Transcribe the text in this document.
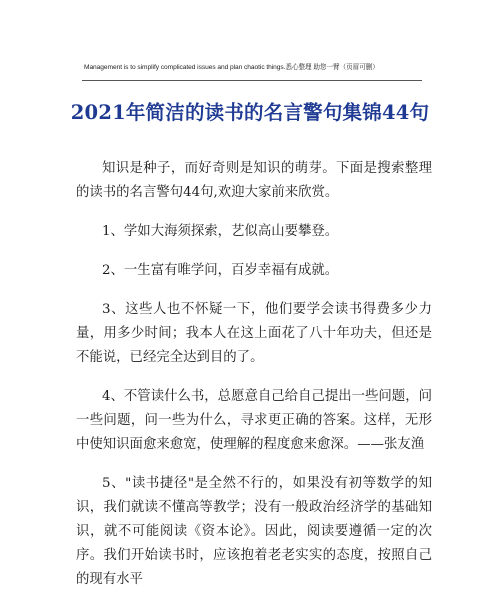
Management is to simplify complicated issues and plan chaotic things.悉心整理 助您一臂（页眉可删）
2021年简洁的读书的名言警句集锦44句

知识是种子，而好奇则是知识的萌芽。下面是搜索整理的读书的名言警句44句,欢迎大家前来欣赏。

1、学如大海须探索，艺似高山要攀登。

2、一生富有唯学问，百岁幸福有成就。

3、这些人也不怀疑一下，他们要学会读书得费多少力量，用多少时间；我本人在这上面花了八十年功夫，但还是不能说，已经完全达到目的了。

4、不管读什么书，总愿意自己给自己提出一些问题，问一些问题，问一些为什么，寻求更正确的答案。这样，无形中使知识面愈来愈宽，使理解的程度愈来愈深。——张友渔

5、"读书捷径"是全然不行的，如果没有初等数学的知识，我们就读不懂高等教学；没有一般政治经济学的基础知识，就不可能阅读《资本论》。因此，阅读要遵循一定的次序。我们开始读书时，应该抱着老老实实的态度，按照自己的现有水平
